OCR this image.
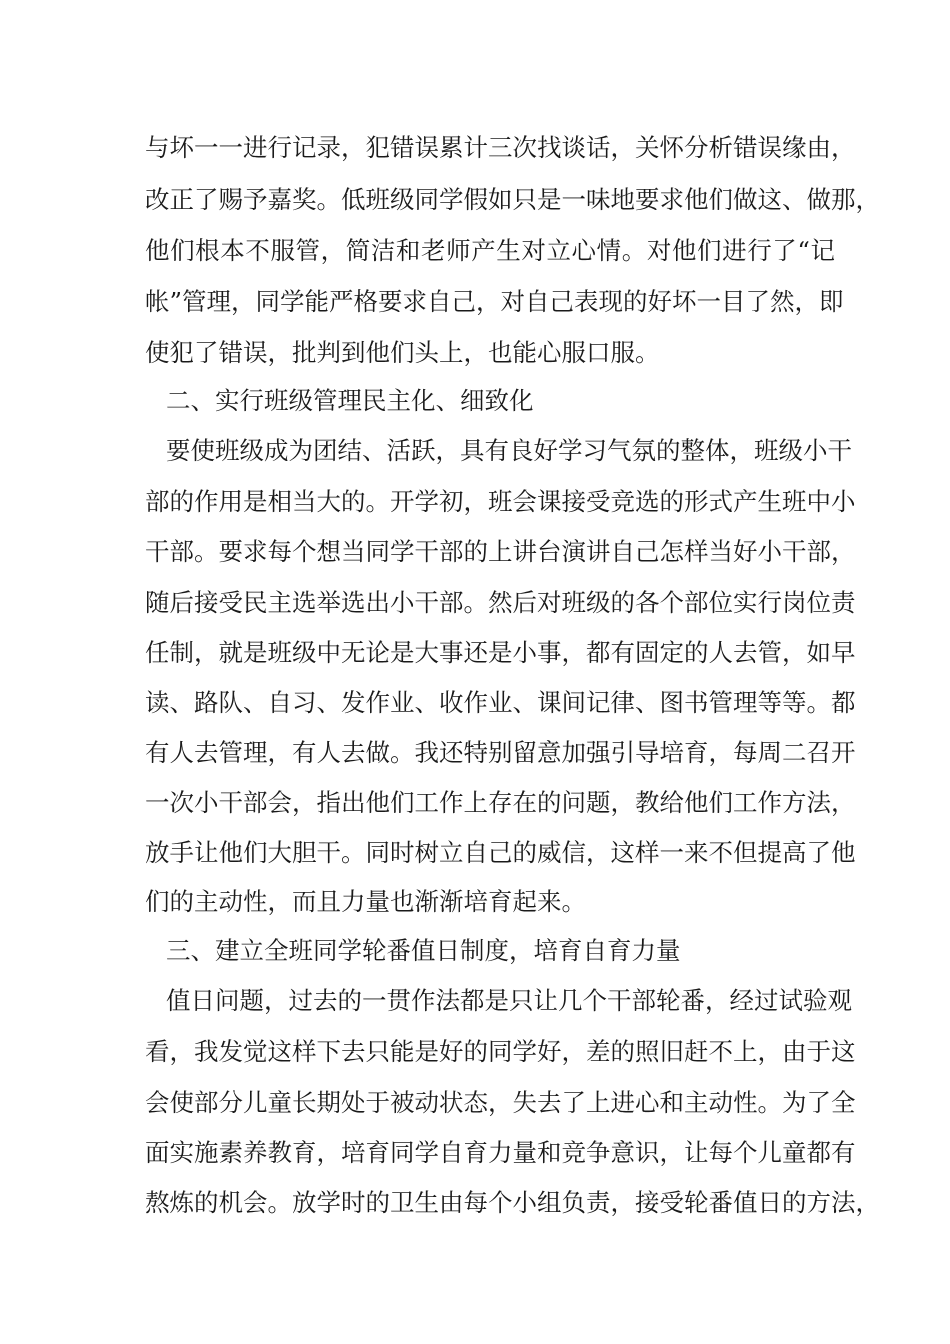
与坏一一进行记录，犯错误累计三次找谈话，关怀分析错误缘由，
改正了赐予嘉奖。低班级同学假如只是一味地要求他们做这、做那，
他们根本不服管，简洁和老师产生对立心情。对他们进行了“记
帐”管理，同学能严格要求自己，对自己表现的好坏一目了然，即
使犯了错误，批判到他们头上，也能心服口服。
二、实行班级管理民主化、细致化
要使班级成为团结、活跃，具有良好学习气氛的整体，班级小干
部的作用是相当大的。开学初，班会课接受竞选的形式产生班中小
干部。要求每个想当同学干部的上讲台演讲自己怎样当好小干部，
随后接受民主选举选出小干部。然后对班级的各个部位实行岗位责
任制，就是班级中无论是大事还是小事，都有固定的人去管，如早
读、路队、自习、发作业、收作业、课间记律、图书管理等等。都
有人去管理，有人去做。我还特别留意加强引导培育，每周二召开
一次小干部会，指出他们工作上存在的问题，教给他们工作方法，
放手让他们大胆干。同时树立自己的威信，这样一来不但提高了他
们的主动性，而且力量也渐渐培育起来。
三、建立全班同学轮番值日制度，培育自育力量
值日问题，过去的一贯作法都是只让几个干部轮番，经过试验观
看，我发觉这样下去只能是好的同学好，差的照旧赶不上，由于这
会使部分儿童长期处于被动状态，失去了上进心和主动性。为了全
面实施素养教育，培育同学自育力量和竞争意识，让每个儿童都有
熬炼的机会。放学时的卫生由每个小组负责，接受轮番值日的方法，
